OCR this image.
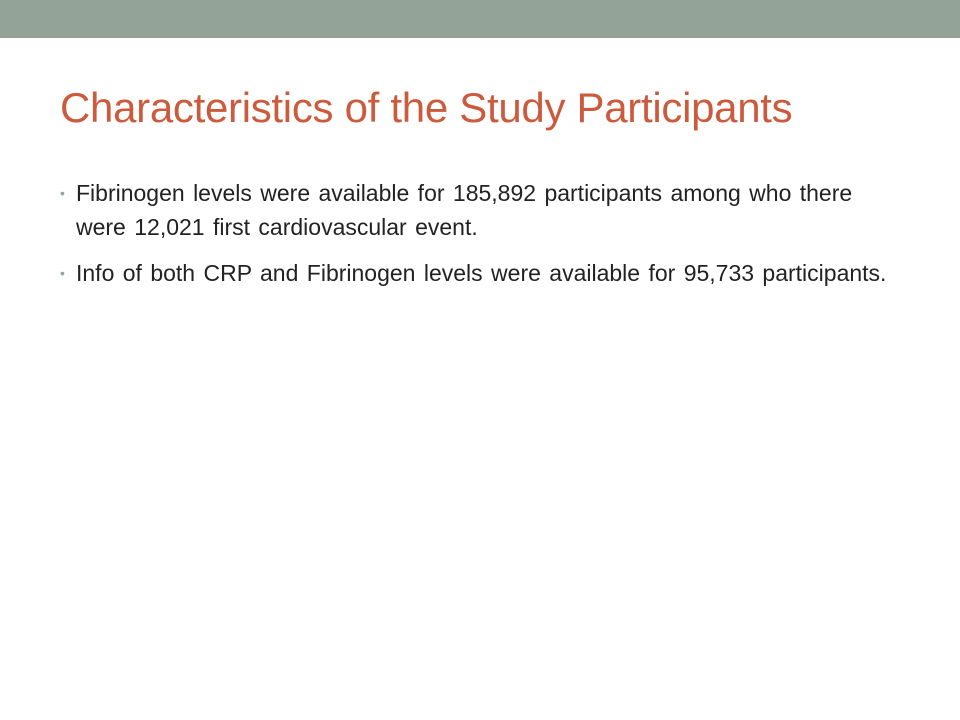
Characteristics of the Study Participants
• Fibrinogen levels were available for 185,892 participants among who there were 12,021 first cardiovascular event.
• Info of both CRP and Fibrinogen levels were available for 95,733 participants.
